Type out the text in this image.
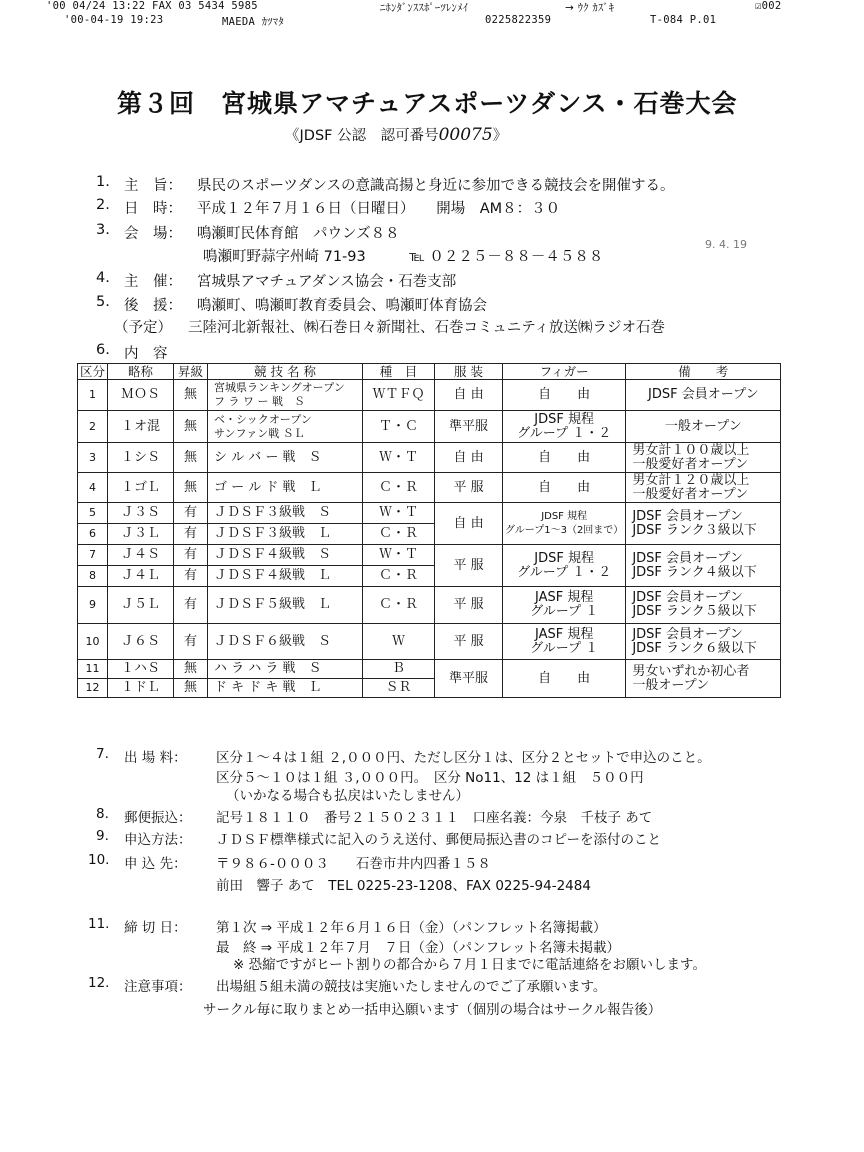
'00 04/24 13:22 FAX 03 5434 5985	ﾆﾎﾝﾀﾞﾝｽｽﾎﾟｰﾂﾚﾝﾒｲ	→ ｳｸ ｶｽﾞｷ	☑002
'00-04-19 19:23	MAEDA ｶﾂﾏﾀ	0225822359	T-084 P.01
第３回　宮城県アマチュアスポーツダンス・石巻大会
《JDSF 公認　認可番号00075》
1. 主　旨： 県民のスポーツダンスの意識高揚と身近に参加できる競技会を開催する。
2. 日　時： 平成１２年７月１６日（日曜日）　　開場　AM８：３０
3. 会　場： 鳴瀬町民体育館　パウンズ８８
鳴瀬町野蒜字州崎 71-93　　　℡ ０２２５－８８－４５８８
4. 主　催： 宮城県アマチュアダンス協会・石巻支部
5. 後　援： 鳴瀬町、鳴瀬町教育委員会、鳴瀬町体育協会
（予定） 三陸河北新報社、㈱石巻日々新聞社、石巻コミュニティ放送㈱ラジオ石巻
6. 内　容
9. 4. 19
区分	略称	昇級	競 技 名 称	種　目	服 装	フィガー	備　　考
1	ＭＯＳ	無	宮城県ランキングオープン
フ ラ ワ ー 戦　Ｓ	ＷＴＦＱ	自 由	自　　由	JDSF 会員オープン
2	１オ混	無	ベ・シックオープン
サンファン戦 ＳＬ	Ｔ・Ｃ	準平服	JDSF 規程
グループ １・２	一般オープン
3	１シＳ	無	シ ル バ ー 戦　Ｓ	Ｗ・Ｔ	自 由	自　　由	男女計１００歳以上
一般愛好者オープン
4	１ゴＬ	無	ゴ ー ル ド 戦　Ｌ	Ｃ・Ｒ	平 服	自　　由	男女計１２０歳以上
一般愛好者オープン
5	Ｊ３Ｓ	有	ＪＤＳＦ３級戦　Ｓ	Ｗ・Ｔ	自 由	JDSF 規程
グループ1～3（2回まで）	JDSF 会員オープン
JDSF ランク３級以下
6	Ｊ３Ｌ	有	ＪＤＳＦ３級戦　Ｌ	Ｃ・Ｒ			
7	Ｊ４Ｓ	有	ＪＤＳＦ４級戦　Ｓ	Ｗ・Ｔ	平 服	JDSF 規程
グループ １・２	JDSF 会員オープン
JDSF ランク４級以下
8	Ｊ４Ｌ	有	ＪＤＳＦ４級戦　Ｌ	Ｃ・Ｒ			
9	Ｊ５Ｌ	有	ＪＤＳＦ５級戦　Ｌ	Ｃ・Ｒ	平 服	JASF 規程
グループ １	JDSF 会員オープン
JDSF ランク５級以下
10	Ｊ６Ｓ	有	ＪＤＳＦ６級戦　Ｓ	Ｗ	平 服	JASF 規程
グループ １	JDSF 会員オープン
JDSF ランク６級以下
11	１ハＳ	無	ハ ラ ハ ラ 戦　Ｓ	Ｂ	準平服	自　　由	男女いずれか初心者
一般オープン
12	１ドＬ	無	ド キ ド キ 戦　Ｌ	ＳＲ			
7. 出 場 料： 区分１～４は１組 ２,０００円、ただし区分１は、区分２とセットで申込のこと。
区分５～１０は１組 ３,０００円。　区分 No11、12 は１組　５００円
（いかなる場合も払戻はいたしません）
8. 郵便振込： 記号１８１１０　番号２１５０２３１１　口座名義：今泉　千枝子 あて
9. 申込方法： ＪＤＳＦ標準様式に記入のうえ送付、郵便局振込書のコピーを添付のこと
10. 申 込 先： 〒９８６-０００３　　石巻市井内四番１５８
前田　響子 あて　TEL 0225-23-1208、FAX 0225-94-2484
11. 締 切 日： 第１次 ⇒ 平成１２年６月１６日（金）（パンフレット名簿掲載）
最　終 ⇒ 平成１２年７月　７日（金）（パンフレット名簿未掲載）
※ 恐縮ですがヒート割りの都合から７月１日までに電話連絡をお願いします。
12. 注意事項： 出場組５組未満の競技は実施いたしませんのでご了承願います。
サークル毎に取りまとめ一括申込願います（個別の場合はサークル報告後）
